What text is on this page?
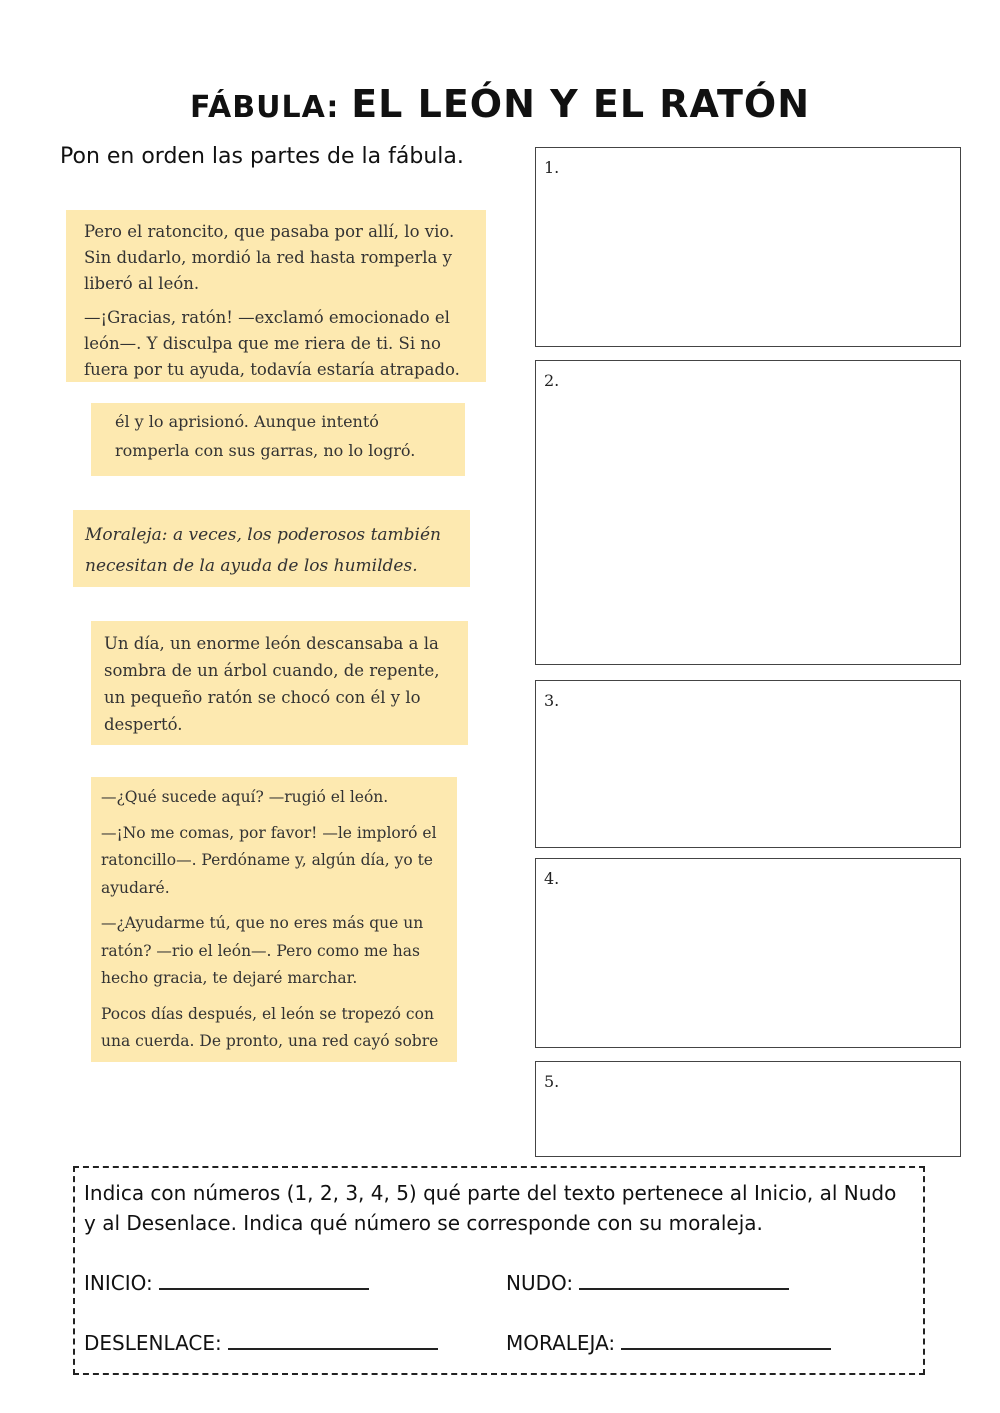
FÁBULA: EL LEÓN Y EL RATÓN
Pon en orden las partes de la fábula.

Pero el ratoncito, que pasaba por allí, lo vio. Sin dudarlo, mordió la red hasta romperla y liberó al león.

—¡Gracias, ratón! —exclamó emocionado el león—. Y disculpa que me riera de ti. Si no fuera por tu ayuda, todavía estaría atrapado.

él y lo aprisionó. Aunque intentó romperla con sus garras, no lo logró.

Moraleja: a veces, los poderosos también necesitan de la ayuda de los humildes.

Un día, un enorme león descansaba a la sombra de un árbol cuando, de repente, un pequeño ratón se chocó con él y lo despertó.

—¿Qué sucede aquí? —rugió el león.

—¡No me comas, por favor! —le imploró el ratoncillo—. Perdóname y, algún día, yo te ayudaré.

—¿Ayudarme tú, que no eres más que un ratón? —rio el león—. Pero como me has hecho gracia, te dejaré marchar.

Pocos días después, el león se tropezó con una cuerda. De pronto, una red cayó sobre

1.
2.
3.
4.
5.
Indica con números (1, 2, 3, 4, 5) qué parte del texto pertenece al Inicio, al Nudo y al Desenlace. Indica qué número se corresponde con su moraleja.
INICIO:	NUDO:
DESLENLACE:	MORALEJA:
